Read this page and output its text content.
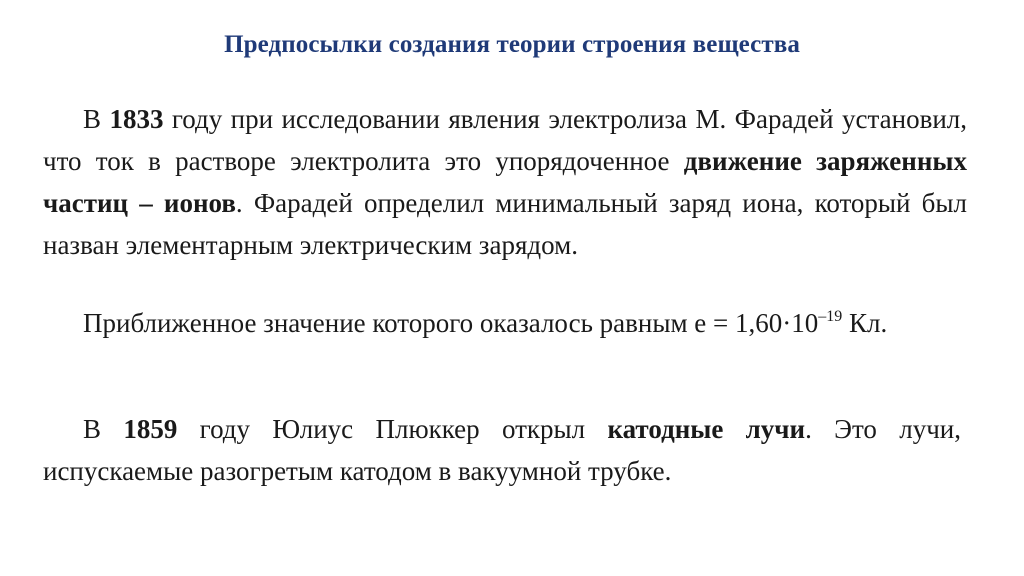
Предпосылки создания теории строения вещества

В 1833 году при исследовании явления электролиза М. Фарадей установил, что ток в растворе электролита это упорядоченное движение заряженных частиц – ионов. Фарадей определил минимальный заряд иона, который был назван элементарным электрическим зарядом.

Приближенное значение которого оказалось равным $е = 1,60\cdot 10^{-19}$ Кл.

В 1859 году Юлиус Плюккер открыл катодные лучи. Это лучи, испускаемые разогретым катодом в вакуумной трубке.
